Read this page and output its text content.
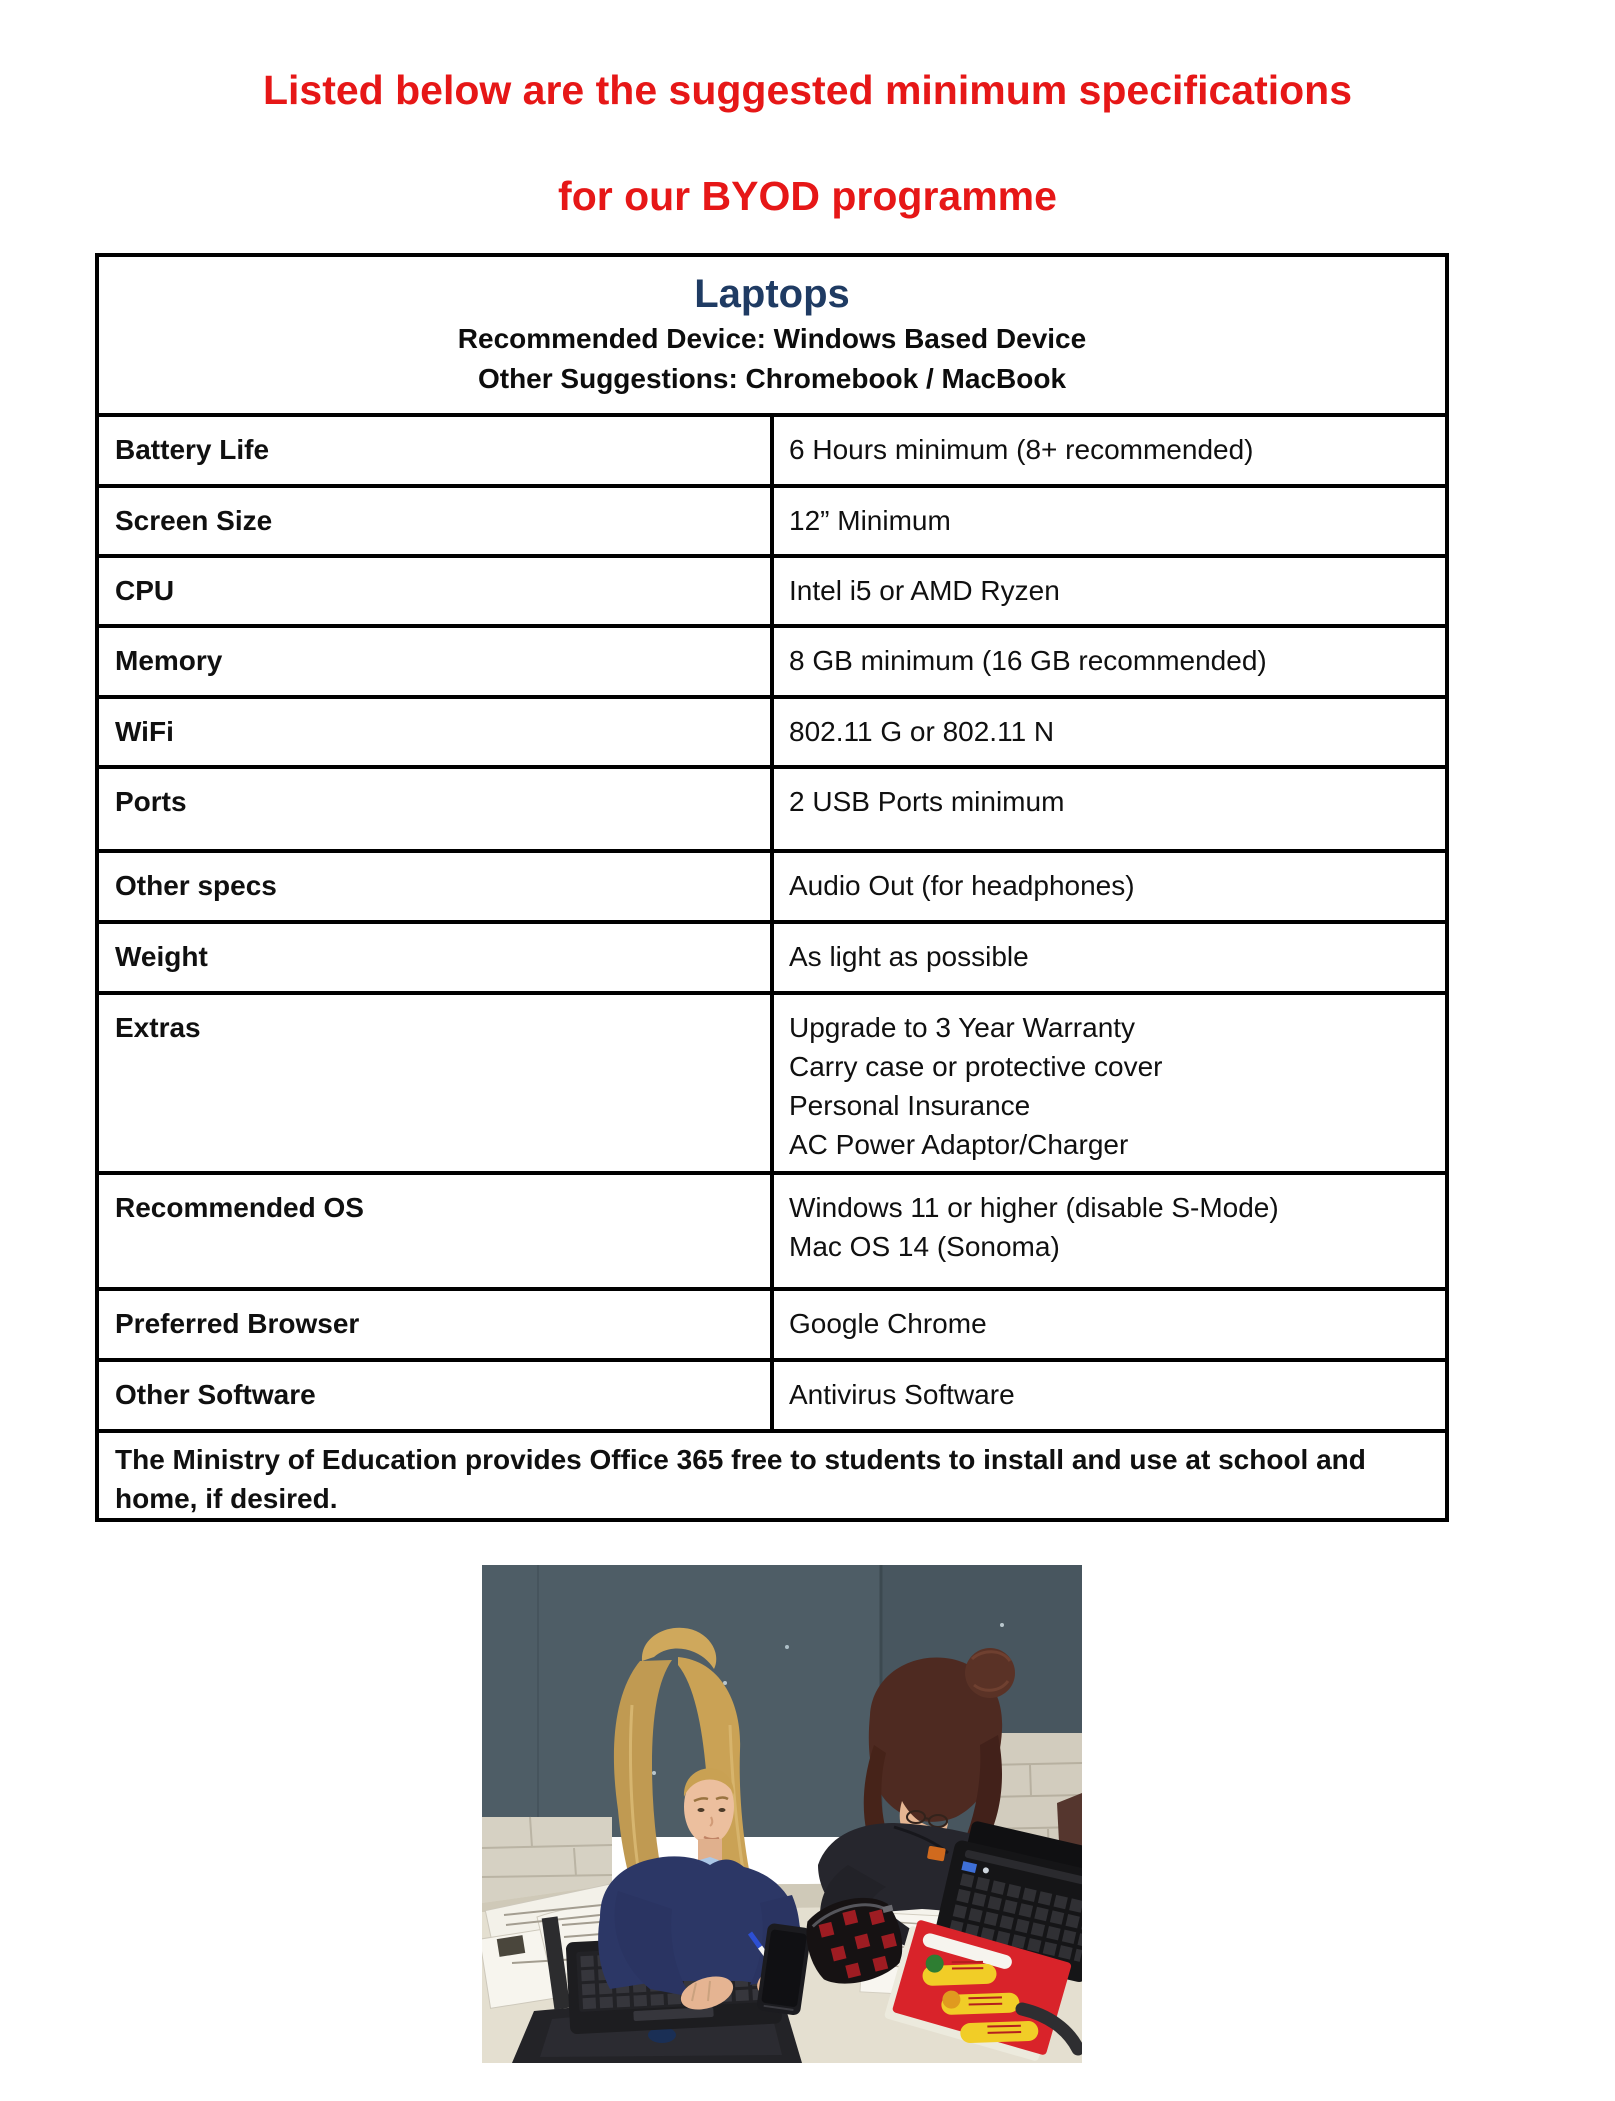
Listed below are the suggested minimum specifications
for our BYOD programme
Laptops
Recommended Device: Windows Based Device
Other Suggestions: Chromebook / MacBook	

Battery Life	6 Hours minimum (8+ recommended)

Screen Size	12” Minimum

CPU	Intel i5 or AMD Ryzen

Memory	8 GB minimum (16 GB recommended)

WiFi	802.11 G or 802.11 N

Ports	2 USB Ports minimum

Other specs	Audio Out (for headphones)

Weight	As light as possible

Extras	Upgrade to 3 Year Warranty
Carry case or protective cover
Personal Insurance
AC Power Adaptor/Charger

Recommended OS	Windows 11 or higher (disable S-Mode)
Mac OS 14 (Sonoma)

Preferred Browser	Google Chrome

Other Software	Antivirus Software

The Ministry of Education provides Office 365 free to students to install and use at school and home, if desired.	
